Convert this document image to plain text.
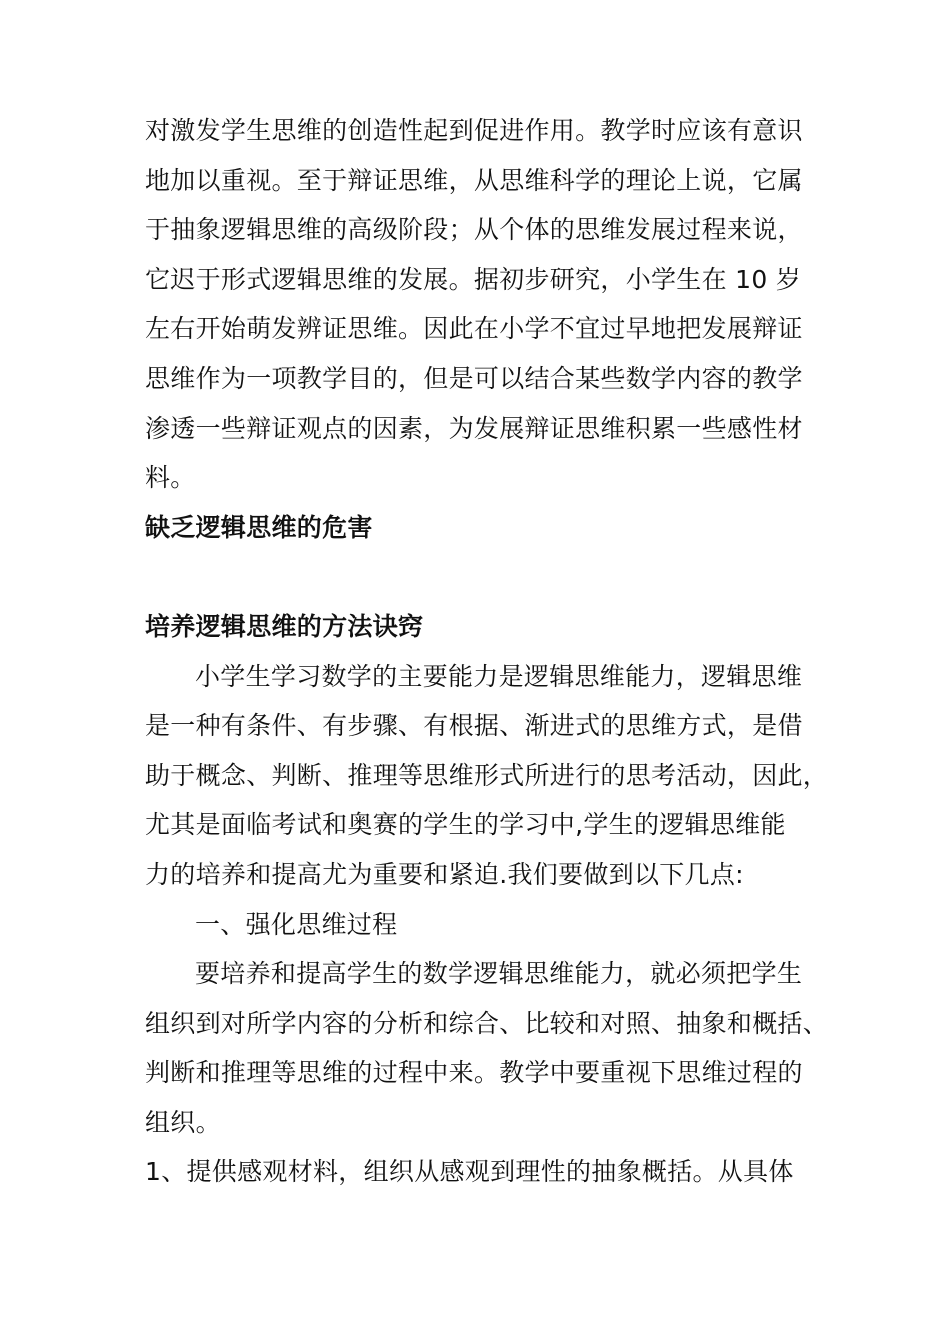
对激发学生思维的创造性起到促进作用。教学时应该有意识
地加以重视。至于辩证思维，从思维科学的理论上说，它属
于抽象逻辑思维的高级阶段；从个体的思维发展过程来说，
它迟于形式逻辑思维的发展。据初步研究，小学生在 10 岁
左右开始萌发辨证思维。因此在小学不宜过早地把发展辩证
思维作为一项教学目的，但是可以结合某些数学内容的教学
渗透一些辩证观点的因素，为发展辩证思维积累一些感性材
料。
缺乏逻辑思维的危害
培养逻辑思维的方法诀窍
小学生学习数学的主要能力是逻辑思维能力，逻辑思维
是一种有条件、有步骤、有根据、渐进式的思维方式，是借
助于概念、判断、推理等思维形式所进行的思考活动，因此，
尤其是面临考试和奥赛的学生的学习中,学生的逻辑思维能
力的培养和提高尤为重要和紧迫.我们要做到以下几点:
一、强化思维过程
要培养和提高学生的数学逻辑思维能力，就必须把学生
组织到对所学内容的分析和综合、比较和对照、抽象和概括、
判断和推理等思维的过程中来。教学中要重视下思维过程的
组织。
1、提供感观材料，组织从感观到理性的抽象概括。从具体
